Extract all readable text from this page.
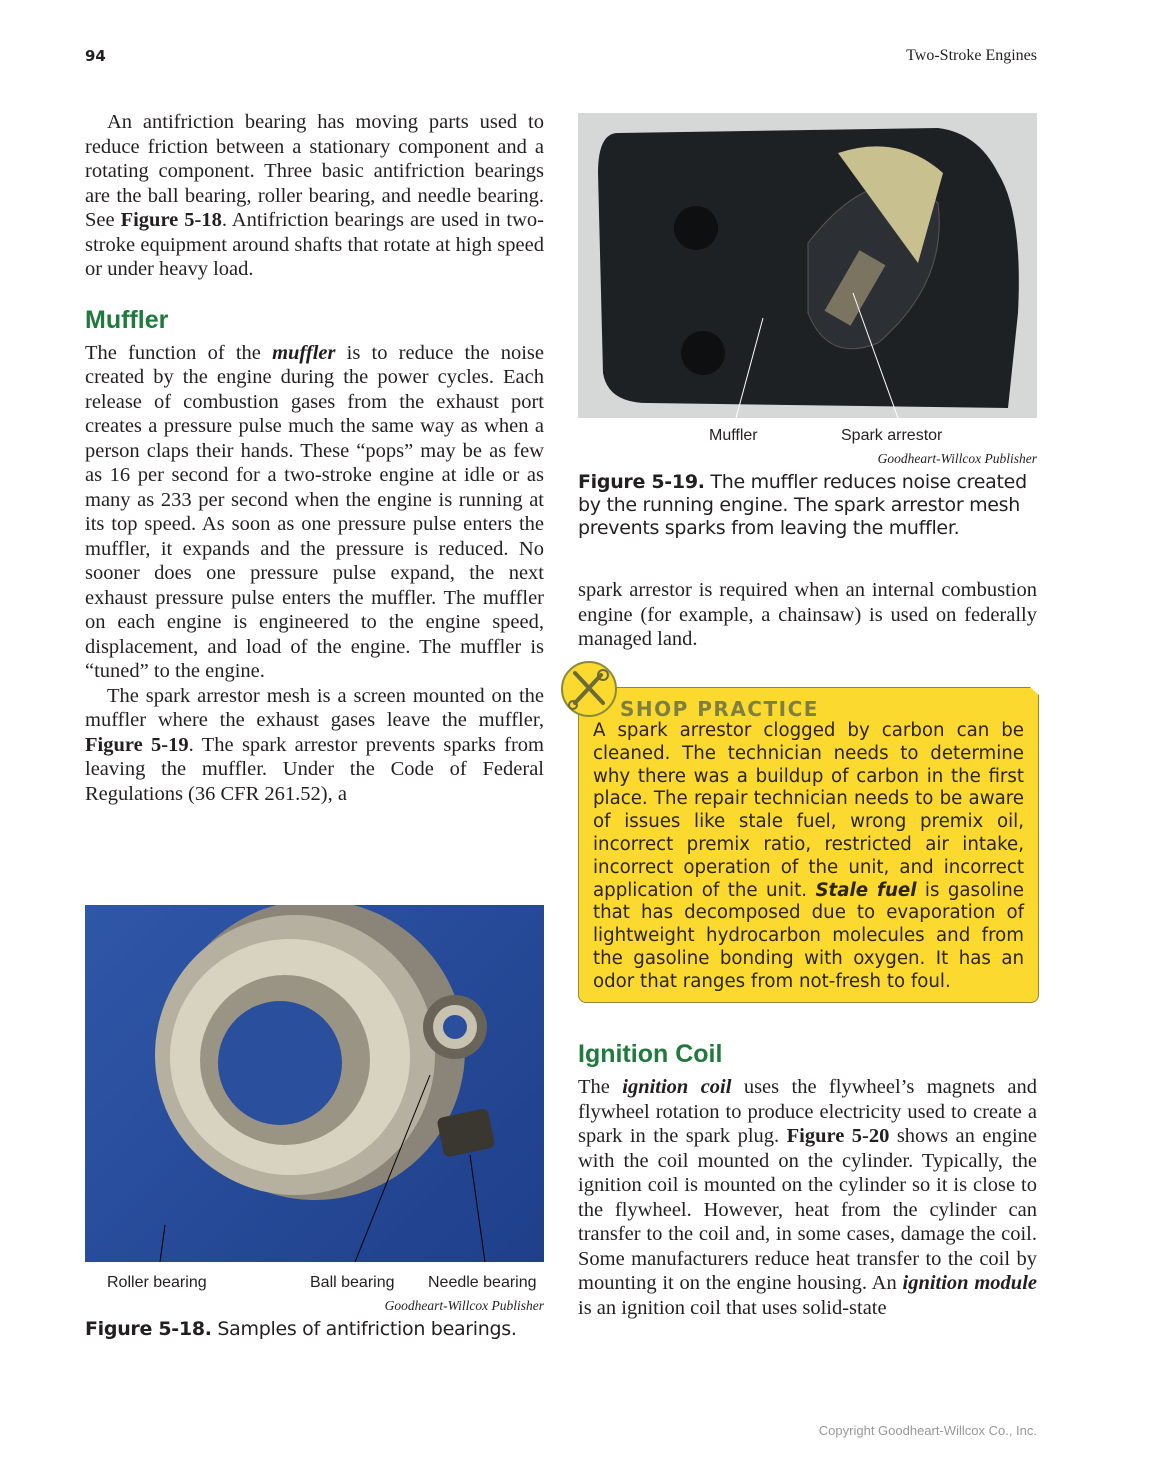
94	Two-Stroke Engines

An antifriction bearing has moving parts used to reduce friction between a stationary component and a rotating component. Three basic antifriction bearings are the ball bearing, roller bearing, and needle bearing. See Figure 5-18. Antifriction bearings are used in two-stroke equipment around shafts that rotate at high speed or under heavy load.

Muffler

The function of the muffler is to reduce the noise created by the engine during the power cycles. Each release of combustion gases from the exhaust port creates a pressure pulse much the same way as when a person claps their hands. These “pops” may be as few as 16 per second for a two-stroke engine at idle or as many as 233 per second when the engine is running at its top speed. As soon as one pressure pulse enters the muffler, it expands and the pressure is reduced. No sooner does one pressure pulse expand, the next exhaust pressure pulse enters the muffler. The muffler on each engine is engineered to the engine speed, displacement, and load of the engine. The muffler is “tuned” to the engine.

The spark arrestor mesh is a screen mounted on the muffler where the exhaust gases leave the muffler, Figure 5-19. The spark arrestor prevents sparks from leaving the muffler. Under the Code of Federal Regulations (36 CFR 261.52), a

Roller bearing	Ball bearing Needle bearing
Goodheart-Willcox Publisher
Figure 5-18. Samples of antifriction bearings.
Muffler	Spark arrestor
Goodheart-Willcox Publisher
Figure 5-19. The muffler reduces noise created by the running engine. The spark arrestor mesh prevents sparks from leaving the muffler.

spark arrestor is required when an internal combustion engine (for example, a chainsaw) is used on federally managed land.

SHOP PRACTICE
A spark arrestor clogged by carbon can be cleaned. The technician needs to determine why there was a buildup of carbon in the first place. The repair technician needs to be aware of issues like stale fuel, wrong premix oil, incorrect premix ratio, restricted air intake, incorrect operation of the unit, and incorrect application of the unit. Stale fuel is gasoline that has decomposed due to evaporation of lightweight hydrocarbon molecules and from the gasoline bonding with oxygen. It has an odor that ranges from not-fresh to foul.
Ignition Coil

The ignition coil uses the flywheel’s magnets and flywheel rotation to produce electricity used to create a spark in the spark plug. Figure 5-20 shows an engine with the coil mounted on the cylinder. Typically, the ignition coil is mounted on the cylinder so it is close to the flywheel. However, heat from the cylinder can transfer to the coil and, in some cases, damage the coil. Some manufacturers reduce heat transfer to the coil by mounting it on the engine housing. An ignition module is an ignition coil that uses solid-state

Copyright Goodheart-Willcox Co., Inc.
